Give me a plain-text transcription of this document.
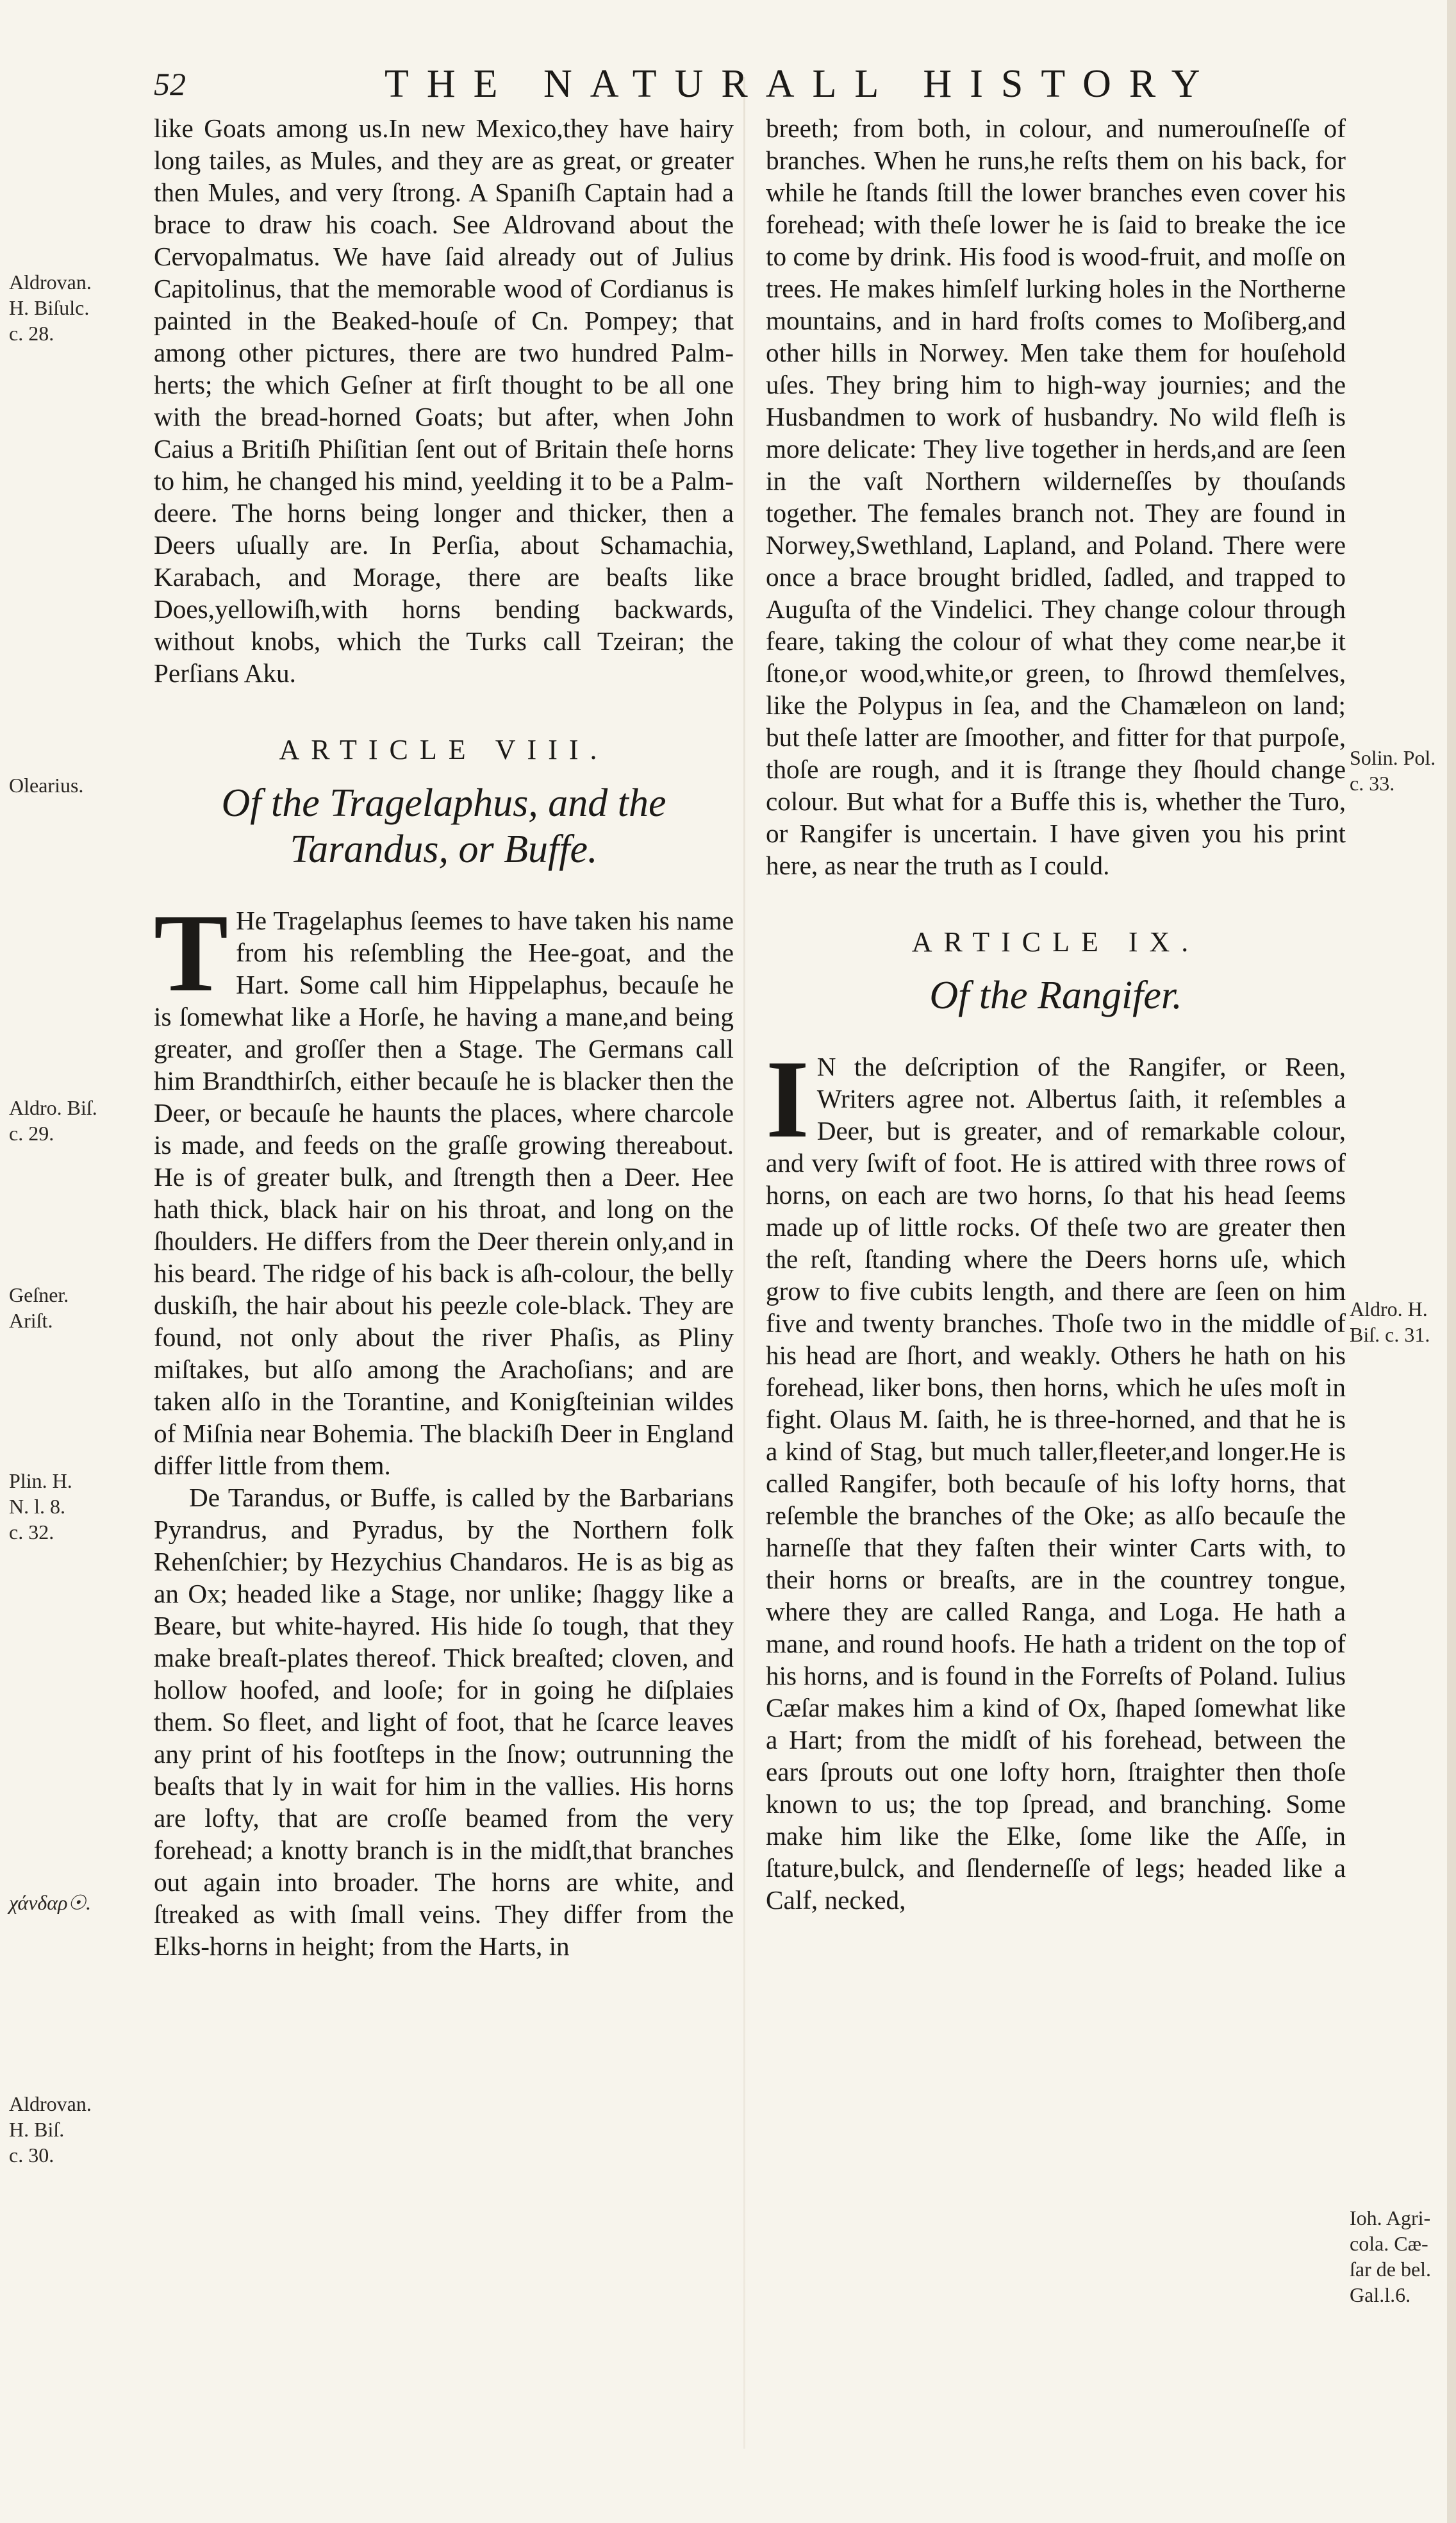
52	THE NATURALL HISTORY

like Goats among us.In new Mexico,they have hairy long tailes, as Mules, and they are as great, or greater then Mules, and very ſtrong. A Spaniſh Captain had a brace to draw his coach. See Aldrovand about the Cervopalmatus. We have ſaid already out of Julius Capitolinus, that the memorable wood of Cordianus is painted in the Beaked-houſe of Cn. Pompey; that among other pictures, there are two hundred Palm-herts; the which Geſner at firſt thought to be all one with the bread-horned Goats; but after, when John Caius a Britiſh Phiſitian ſent out of Britain theſe horns to him, he changed his mind, yeelding it to be a Palm-deere. The horns being longer and thicker, then a Deers uſually are. In Perſia, about Schamachia, Karabach, and Morage, there are beaſts like Does,yellowiſh,with horns bending backwards, without knobs, which the Turks call Tzeiran; the Perſians Aku.

ARTICLE VIII.
Of the Tragelaphus, and the Tarandus, or Buffe.

T He Tragelaphus ſeemes to have taken his name from his reſembling the Hee-goat, and the Hart. Some call him Hippelaphus, becauſe he is ſomewhat like a Horſe, he having a mane,and being greater, and groſſer then a Stage. The Germans call him Brandthirſch, either becauſe he is blacker then the Deer, or becauſe he haunts the places, where charcole is made, and feeds on the graſſe growing thereabout. He is of greater bulk, and ſtrength then a Deer. Hee hath thick, black hair on his throat, and long on the ſhoulders. He differs from the Deer therein only,and in his beard. The ridge of his back is aſh-colour, the belly duskiſh, the hair about his peezle cole-black. They are found, not only about the river Phaſis, as Pliny miſtakes, but alſo among the Arachoſians; and are taken alſo in the Torantine, and Konigſteinian wildes of Miſnia near Bohemia. The blackiſh Deer in England differ little from them.

De Tarandus, or Buffe, is called by the Barbarians Pyrandrus, and Pyradus, by the Northern folk Rehenſchier; by Hezychius Chandaros. He is as big as an Ox; headed like a Stage, nor unlike; ſhaggy like a Beare, but white-hayred. His hide ſo tough, that they make breaſt-plates thereof. Thick breaſted; cloven, and hollow hoofed, and looſe; for in going he diſplaies them. So fleet, and light of foot, that he ſcarce leaves any print of his footſteps in the ſnow; outrunning the beaſts that ly in wait for him in the vallies. His horns are lofty, that are croſſe beamed from the very forehead; a knotty branch is in the midſt,that branches out again into broader. The horns are white, and ſtreaked as with ſmall veins. They differ from the Elks-horns in height; from the Harts, in

breeth; from both, in colour, and numerouſneſſe of branches. When he runs,he reſts them on his back, for while he ſtands ſtill the lower branches even cover his forehead; with theſe lower he is ſaid to breake the ice to come by drink. His food is wood-fruit, and moſſe on trees. He makes himſelf lurking holes in the Northerne mountains, and in hard froſts comes to Moſiberg,and other hills in Norwey. Men take them for houſehold uſes. They bring him to high-way journies; and the Husbandmen to work of husbandry. No wild fleſh is more delicate: They live together in herds,and are ſeen in the vaſt Northern wilderneſſes by thouſands together. The females branch not. They are found in Norwey,Swethland, Lapland, and Poland. There were once a brace brought bridled, ſadled, and trapped to Auguſta of the Vindelici. They change colour through feare, taking the colour of what they come near,be it ſtone,or wood,white,or green, to ſhrowd themſelves, like the Polypus in ſea, and the Chamæleon on land; but theſe latter are ſmoother, and fitter for that purpoſe, thoſe are rough, and it is ſtrange they ſhould change colour. But what for a Buffe this is, whether the Turo, or Rangifer is uncertain. I have given you his print here, as near the truth as I could.

ARTICLE IX.
Of the Rangifer.

I N the deſcription of the Rangifer, or Reen, Writers agree not. Albertus ſaith, it reſembles a Deer, but is greater, and of remarkable colour, and very ſwift of foot. He is attired with three rows of horns, on each are two horns, ſo that his head ſeems made up of little rocks. Of theſe two are greater then the reſt, ſtanding where the Deers horns uſe, which grow to five cubits length, and there are ſeen on him five and twenty branches. Thoſe two in the middle of his head are ſhort, and weakly. Others he hath on his forehead, liker bons, then horns, which he uſes moſt in fight. Olaus M. ſaith, he is three-horned, and that he is a kind of Stag, but much taller,fleeter,and longer.He is called Rangifer, both becauſe of his lofty horns, that reſemble the branches of the Oke; as alſo becauſe the harneſſe that they faſten their winter Carts with, to their horns or breaſts, are in the countrey tongue, where they are called Ranga, and Loga. He hath a mane, and round hoofs. He hath a trident on the top of his horns, and is found in the Forreſts of Poland. Iulius Cæſar makes him a kind of Ox, ſhaped ſomewhat like a Hart; from the midſt of his forehead, between the ears ſprouts out one lofty horn, ſtraighter then thoſe known to us; the top ſpread, and branching. Some make him like the Elke, ſome like the Aſſe, in ſtature,bulck, and ſlenderneſſe of legs; headed like a Calf, necked,

Aldrovan.
H. Biſulc.
c. 28.
Olearius.
Aldro. Biſ.
c. 29.
Geſner.
Ariſt.
Plin. H.
N. l. 8.
c. 32.
χάνδαρ☉.
Aldrovan.
H. Biſ.
c. 30.
Solin. Pol.
c. 33.
Aldro. H.
Biſ. c. 31.
Ioh. Agri-
cola. Cæ-
ſar de bel.
Gal.l.6.
